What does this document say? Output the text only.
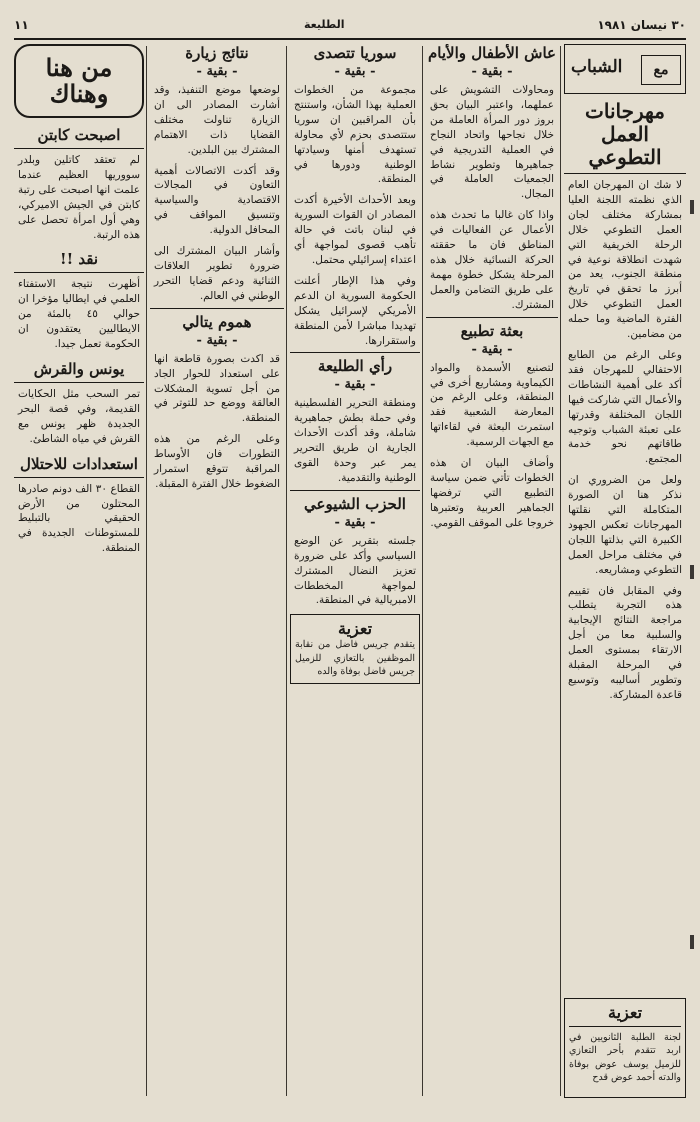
٣٠ نيسان ١٩٨١
الطليعة
١١
مع
الشباب
مهرجانات العمل التطوعي

لا شك ان المهرجان العام الذي نظمته اللجنة العليا بمشاركة مختلف لجان العمل التطوعي خلال الرحلة الخريفية التي شهدت انطلاقة نوعية في منطقة الجنوب، يعد من أبرز ما تحقق في تاريخ العمل التطوعي خلال الفترة الماضية وما حمله من مضامين.

وعلى الرغم من الطابع الاحتفالي للمهرجان فقد أكد على أهمية النشاطات والأعمال التي شاركت فيها اللجان المختلفة وقدرتها على تعبئة الشباب وتوجيه طاقاتهم نحو خدمة المجتمع.

ولعل من الضروري ان نذكر هنا ان الصورة المتكاملة التي نقلتها المهرجانات تعكس الجهود الكبيرة التي بذلتها اللجان في مختلف مراحل العمل التطوعي ومشاريعه.

وفي المقابل فان تقييم هذه التجربة يتطلب مراجعة النتائج الإيجابية والسلبية معا من أجل الارتقاء بمستوى العمل في المرحلة المقبلة وتطوير أساليبه وتوسيع قاعدة المشاركة.

تعزية

لجنة الطلبة الثانويين في اربد تتقدم بأحر التعازي للزميل يوسف عوض بوفاة والدته أحمد عوض قدح

عاش الأطفال والأيام
- بقية -

ومحاولات التشويش على عملهما، واعتبر البيان بحق بروز دور المرأة العاملة من خلال نجاحها واتحاد النجاح في العملية التدريجية في جماهيرها وتطوير نشاط الجمعيات العاملة في المجال.

واذا كان غالبا ما تحدث هذه الأعمال عن الفعاليات في المناطق فان ما حققته الحركة النسائية خلال هذه المرحلة يشكل خطوة مهمة على طريق التضامن والعمل المشترك.

بعثة تطبيع
- بقية -

لتصنيع الأسمدة والمواد الكيماوية ومشاريع أخرى في المنطقة، وعلى الرغم من المعارضة الشعبية فقد استمرت البعثة في لقاءاتها مع الجهات الرسمية.

وأضاف البيان ان هذه الخطوات تأتي ضمن سياسة التطبيع التي ترفضها الجماهير العربية وتعتبرها خروجا على الموقف القومي.

سوريا تتصدى
- بقية -

مجموعة من الخطوات العملية بهذا الشأن، واستنتج بأن المراقبين ان سوريا ستتصدى بحزم لأي محاولة تستهدف أمنها وسيادتها الوطنية ودورها في المنطقة.

وبعد الأحداث الأخيرة أكدت المصادر ان القوات السورية في لبنان باتت في حالة تأهب قصوى لمواجهة أي اعتداء إسرائيلي محتمل.

وفي هذا الإطار أعلنت الحكومة السورية ان الدعم الأمريكي لإسرائيل يشكل تهديدا مباشرا لأمن المنطقة واستقرارها.

رأي الطليعة
- بقية -

ومنطقة التحرير الفلسطينية وفي حملة بطش جماهيرية شاملة، وقد أكدت الأحداث الجارية ان طريق التحرير يمر عبر وحدة القوى الوطنية والتقدمية.

الحزب الشيوعي
- بقية -

جلسته بتقرير عن الوضع السياسي وأكد على ضرورة تعزيز النضال المشترك لمواجهة المخططات الامبريالية في المنطقة.

تعزية

يتقدم جريس فاضل من نقابة الموظفين بالتعازي للزميل جريس فاضل بوفاة والده

نتائج زيارة
- بقية -

لوضعها موضع التنفيذ، وقد أشارت المصادر الى ان الزيارة تناولت مختلف القضايا ذات الاهتمام المشترك بين البلدين.

وقد أكدت الاتصالات أهمية التعاون في المجالات الاقتصادية والسياسية وتنسيق المواقف في المحافل الدولية.

وأشار البيان المشترك الى ضرورة تطوير العلاقات الثنائية ودعم قضايا التحرر الوطني في العالم.

هموم يتالي
- بقية -

قد اكدت بصورة قاطعة انها على استعداد للحوار الجاد من أجل تسوية المشكلات العالقة ووضع حد للتوتر في المنطقة.

وعلى الرغم من هذه التطورات فان الأوساط المراقبة تتوقع استمرار الضغوط خلال الفترة المقبلة.

من هنا وهناك
اصبحت كابتن

لم تعتقد كاتلين وبلدر سووريها العظيم عندما علمت انها اصبحت على رتبة كابتن في الجيش الاميركي، وهي أول امرأة تحصل على هذه الرتبة.

نقد !!

أظهرت نتيجة الاستفتاء العلمي في ايطاليا مؤخرا ان حوالي ٤٥ بالمئة من الايطاليين يعتقدون ان الحكومة تعمل جيدا.

يونس والقرش

تمر السحب مثل الحكايات القديمة، وفي قصة البحر الجديدة ظهر يونس مع القرش في مياه الشاطئ.

استعدادات للاحتلال

القطاع ٣٠ الف دونم صادرها المحتلون من الأرض الحقيقي بالتبليط للمستوطنات الجديدة في المنطقة.
